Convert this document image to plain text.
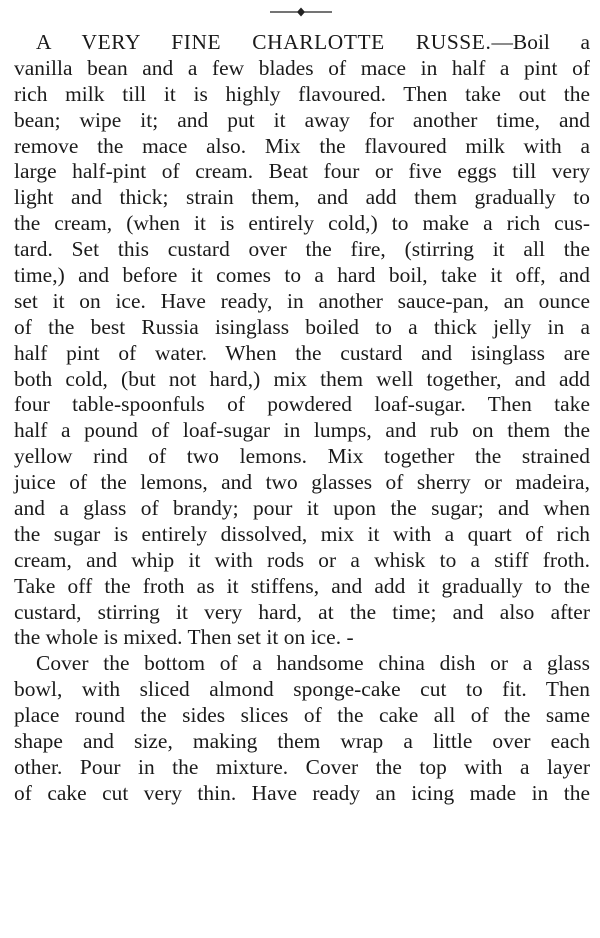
A VERY FINE CHARLOTTE RUSSE.—Boil a
vanilla bean and a few blades of mace in half a pint of
rich milk till it is highly flavoured. Then take out the
bean; wipe it; and put it away for another time, and
remove the mace also. Mix the flavoured milk with a
large half-pint of cream. Beat four or five eggs till very
light and thick; strain them, and add them gradually to
the cream, (when it is entirely cold,) to make a rich cus-
tard. Set this custard over the fire, (stirring it all the
time,) and before it comes to a hard boil, take it off, and
set it on ice. Have ready, in another sauce-pan, an ounce
of the best Russia isinglass boiled to a thick jelly in a
half pint of water. When the custard and isinglass are
both cold, (but not hard,) mix them well together, and add
four table-spoonfuls of powdered loaf-sugar. Then take
half a pound of loaf-sugar in lumps, and rub on them the
yellow rind of two lemons. Mix together the strained
juice of the lemons, and two glasses of sherry or madeira,
and a glass of brandy; pour it upon the sugar; and when
the sugar is entirely dissolved, mix it with a quart of rich
cream, and whip it with rods or a whisk to a stiff froth.
Take off the froth as it stiffens, and add it gradually to the
custard, stirring it very hard, at the time; and also after
the whole is mixed. Then set it on ice. -
Cover the bottom of a handsome china dish or a glass
bowl, with sliced almond sponge-cake cut to fit. Then
place round the sides slices of the cake all of the same
shape and size, making them wrap a little over each
other. Pour in the mixture. Cover the top with a layer
of cake cut very thin. Have ready an icing made in the
